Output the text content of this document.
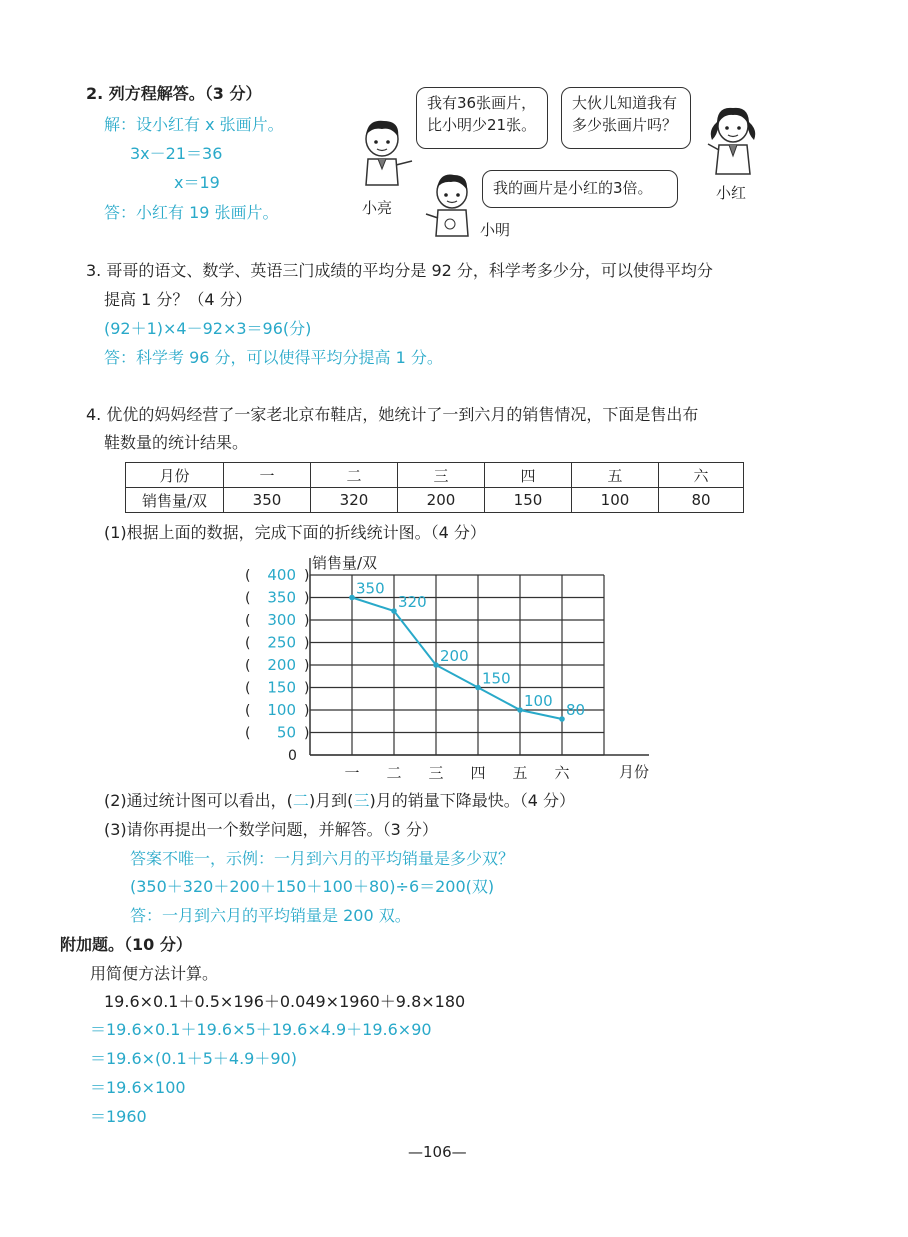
2. 列方程解答。（3 分）
解：设小红有 x 张画片。
3x－21＝36
x＝19
答：小红有 19 张画片。
我有36张画片，
比小明少21张。
大伙儿知道我有
多少张画片吗？
我的画片是小红的3倍。
小亮
小明
小红
3. 哥哥的语文、数学、英语三门成绩的平均分是 92 分，科学考多少分，可以使得平均分
提高 1 分？（4 分）
(92＋1)×4－92×3＝96(分)
答：科学考 96 分，可以使得平均分提高 1 分。
4. 优优的妈妈经营了一家老北京布鞋店，她统计了一到六月的销售情况，下面是售出布
鞋数量的统计结果。
月份	一	二	三	四	五	六
销售量/双	350	320	200	150	100	80
(1)根据上面的数据，完成下面的折线统计图。（4 分）
销售量/双
月份
(	)
400
(	)
350
(	)
300
(	)
250
(	)
200
(	)
150
(	)
100
(	)
50
0
一 二 三 四 五 六
350
320
200
150
100 80
(2)通过统计图可以看出，(二)月到(三)月的销量下降最快。（4 分）
(3)请你再提出一个数学问题，并解答。（3 分）
答案不唯一，示例：一月到六月的平均销量是多少双？
(350＋320＋200＋150＋100＋80)÷6＝200(双)
答：一月到六月的平均销量是 200 双。
附加题。（10 分）
用简便方法计算。
19.6×0.1＋0.5×196＋0.049×1960＋9.8×180
＝19.6×0.1＋19.6×5＋19.6×4.9＋19.6×90
＝19.6×(0.1＋5＋4.9＋90)
＝19.6×100
＝1960
—106—
